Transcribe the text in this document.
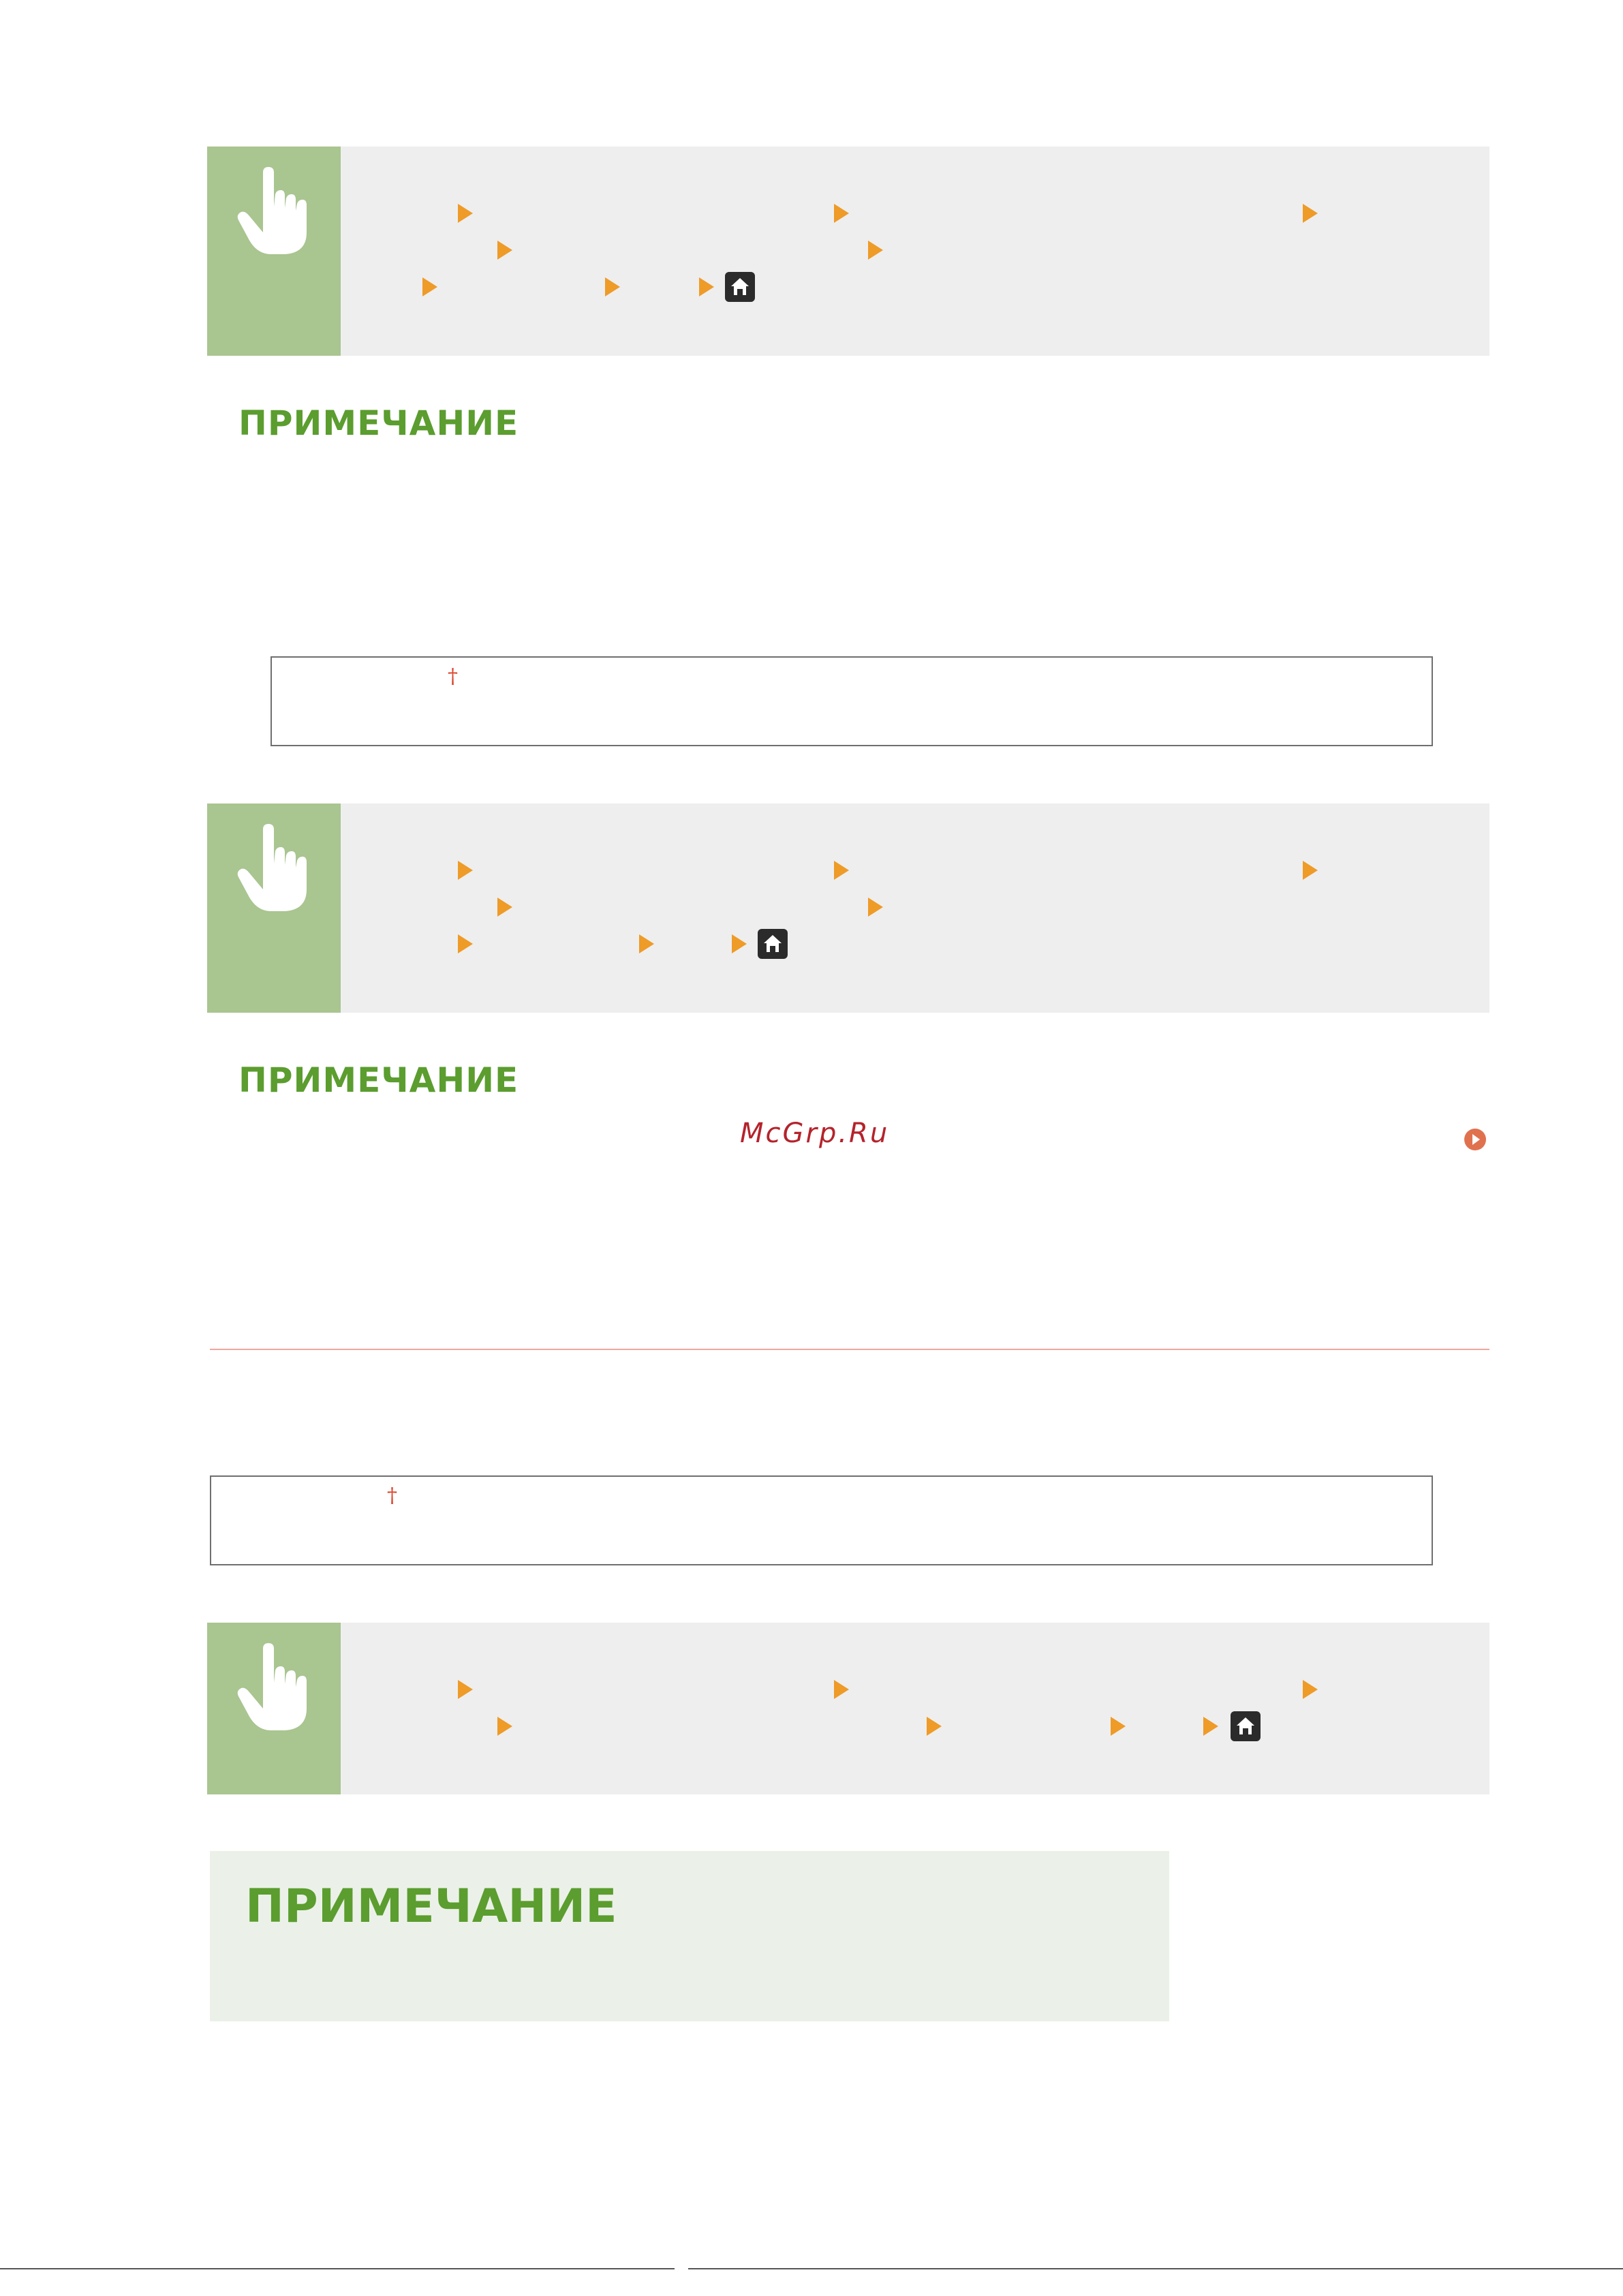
ПРИМЕЧАНИЕ
†
ПРИМЕЧАНИЕ
McGrp.Ru
†
ПРИМЕЧАНИЕ
